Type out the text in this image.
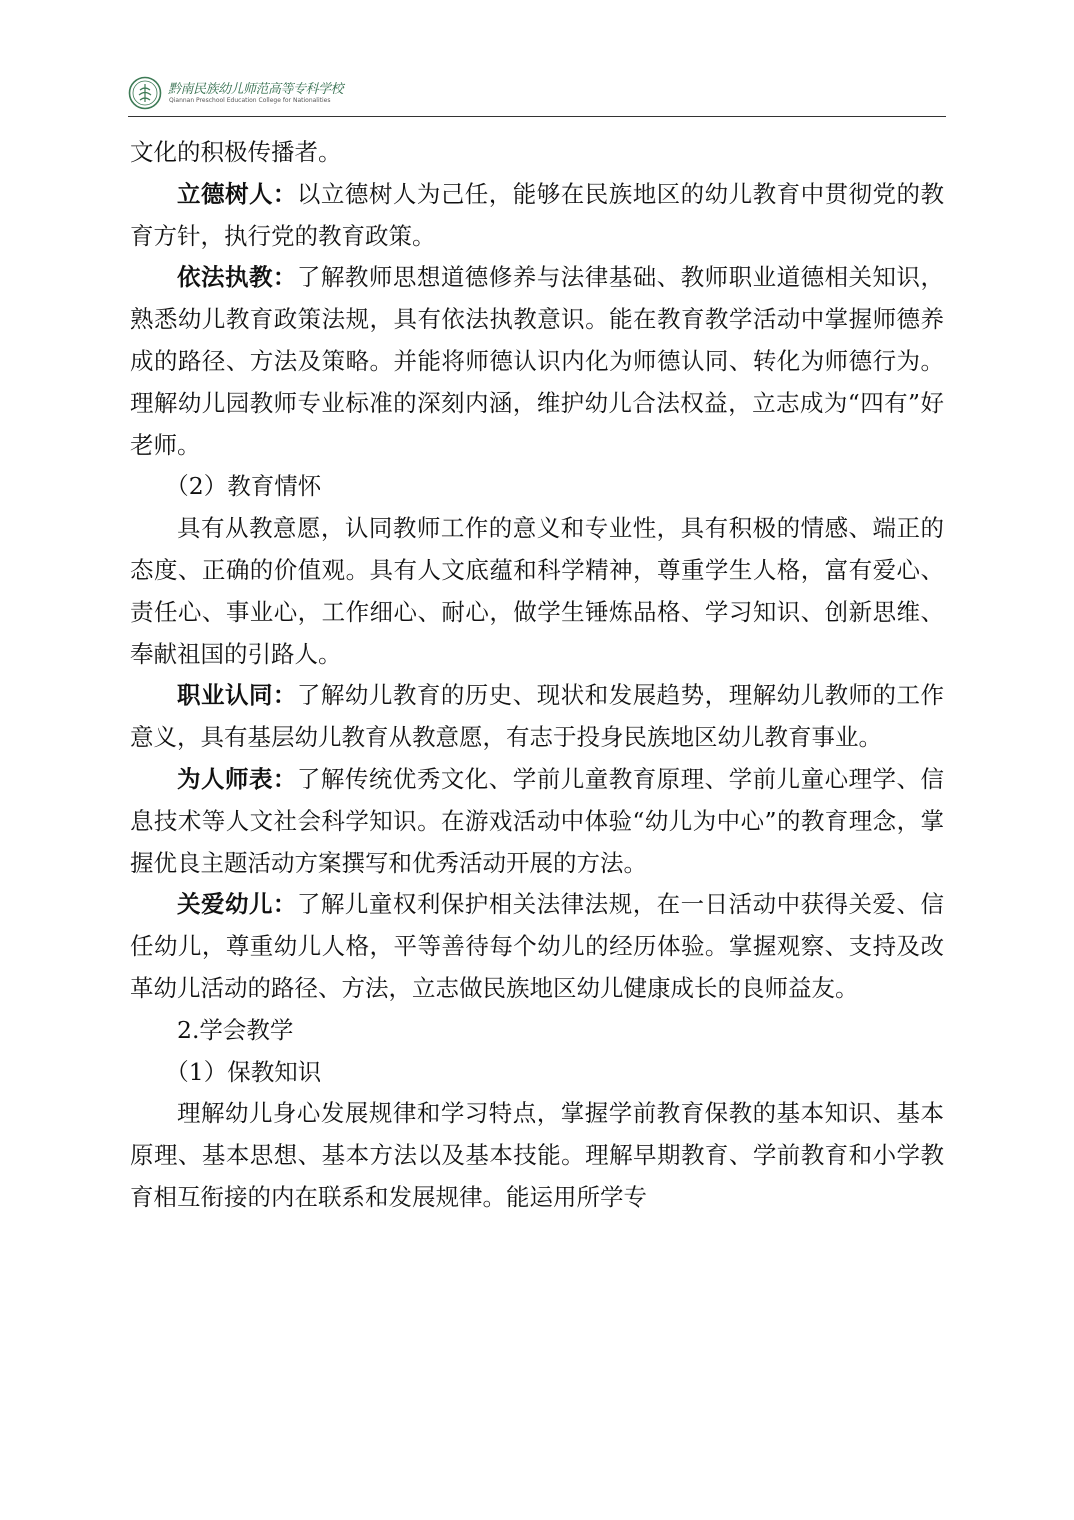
黔南民族幼儿师范高等专科学校
Qiannan Preschool Education College for Nationalities

文化的积极传播者。

立德树人：以立德树人为己任，能够在民族地区的幼儿教育中贯彻党的教育方针，执行党的教育政策。

依法执教：了解教师思想道德修养与法律基础、教师职业道德相关知识，熟悉幼儿教育政策法规，具有依法执教意识。能在教育教学活动中掌握师德养成的路径、方法及策略。并能将师德认识内化为师德认同、转化为师德行为。理解幼儿园教师专业标准的深刻内涵，维护幼儿合法权益，立志成为“四有”好老师。

（2）教育情怀

具有从教意愿，认同教师工作的意义和专业性，具有积极的情感、端正的态度、正确的价值观。具有人文底蕴和科学精神，尊重学生人格，富有爱心、责任心、事业心，工作细心、耐心，做学生锤炼品格、学习知识、创新思维、奉献祖国的引路人。

职业认同：了解幼儿教育的历史、现状和发展趋势，理解幼儿教师的工作意义，具有基层幼儿教育从教意愿，有志于投身民族地区幼儿教育事业。

为人师表：了解传统优秀文化、学前儿童教育原理、学前儿童心理学、信息技术等人文社会科学知识。在游戏活动中体验“幼儿为中心”的教育理念，掌握优良主题活动方案撰写和优秀活动开展的方法。

关爱幼儿：了解儿童权利保护相关法律法规，在一日活动中获得关爱、信任幼儿，尊重幼儿人格，平等善待每个幼儿的经历体验。掌握观察、支持及改革幼儿活动的路径、方法，立志做民族地区幼儿健康成长的良师益友。

2.学会教学

（1）保教知识

理解幼儿身心发展规律和学习特点，掌握学前教育保教的基本知识、基本原理、基本思想、基本方法以及基本技能。理解早期教育、学前教育和小学教育相互衔接的内在联系和发展规律。能运用所学专
